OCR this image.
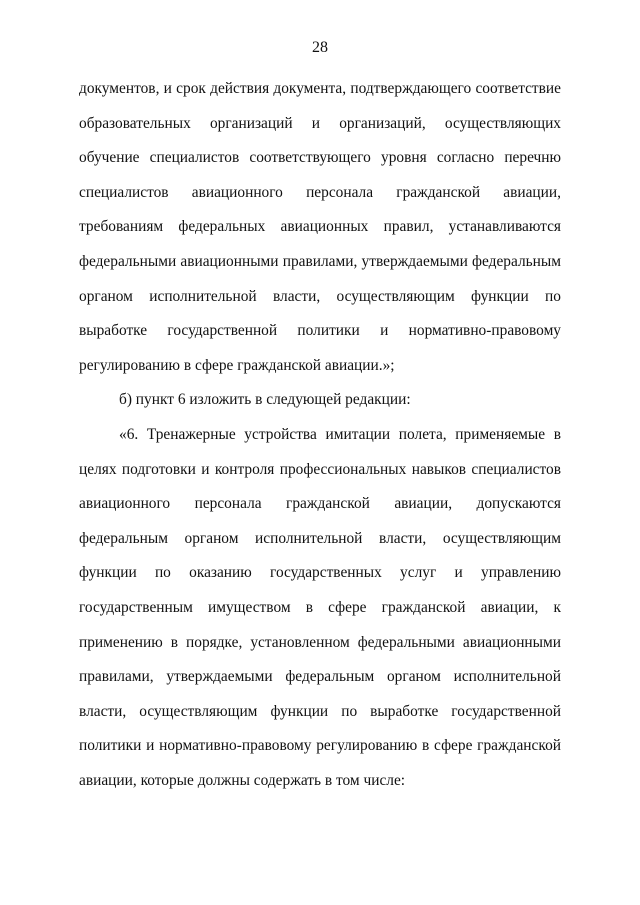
28

документов, и срок действия документа, подтверждающего соответствие образовательных организаций и организаций, осуществляющих обучение специалистов соответствующего уровня согласно перечню специалистов авиационного персонала гражданской авиации, требованиям федеральных авиационных правил, устанавливаются федеральными авиационными правилами, утверждаемыми федеральным органом исполнительной власти, осуществляющим функции по выработке государственной политики и нормативно-правовому регулированию в сфере гражданской авиации.»;

б) пункт 6 изложить в следующей редакции:

«6. Тренажерные устройства имитации полета, применяемые в целях подготовки и контроля профессиональных навыков специалистов авиационного персонала гражданской авиации, допускаются федеральным органом исполнительной власти, осуществляющим функции по оказанию государственных услуг и управлению государственным имуществом в сфере гражданской авиации, к применению в порядке, установленном федеральными авиационными правилами, утверждаемыми федеральным органом исполнительной власти, осуществляющим функции по выработке государственной политики и нормативно-правовому регулированию в сфере гражданской авиации, которые должны содержать в том числе:
